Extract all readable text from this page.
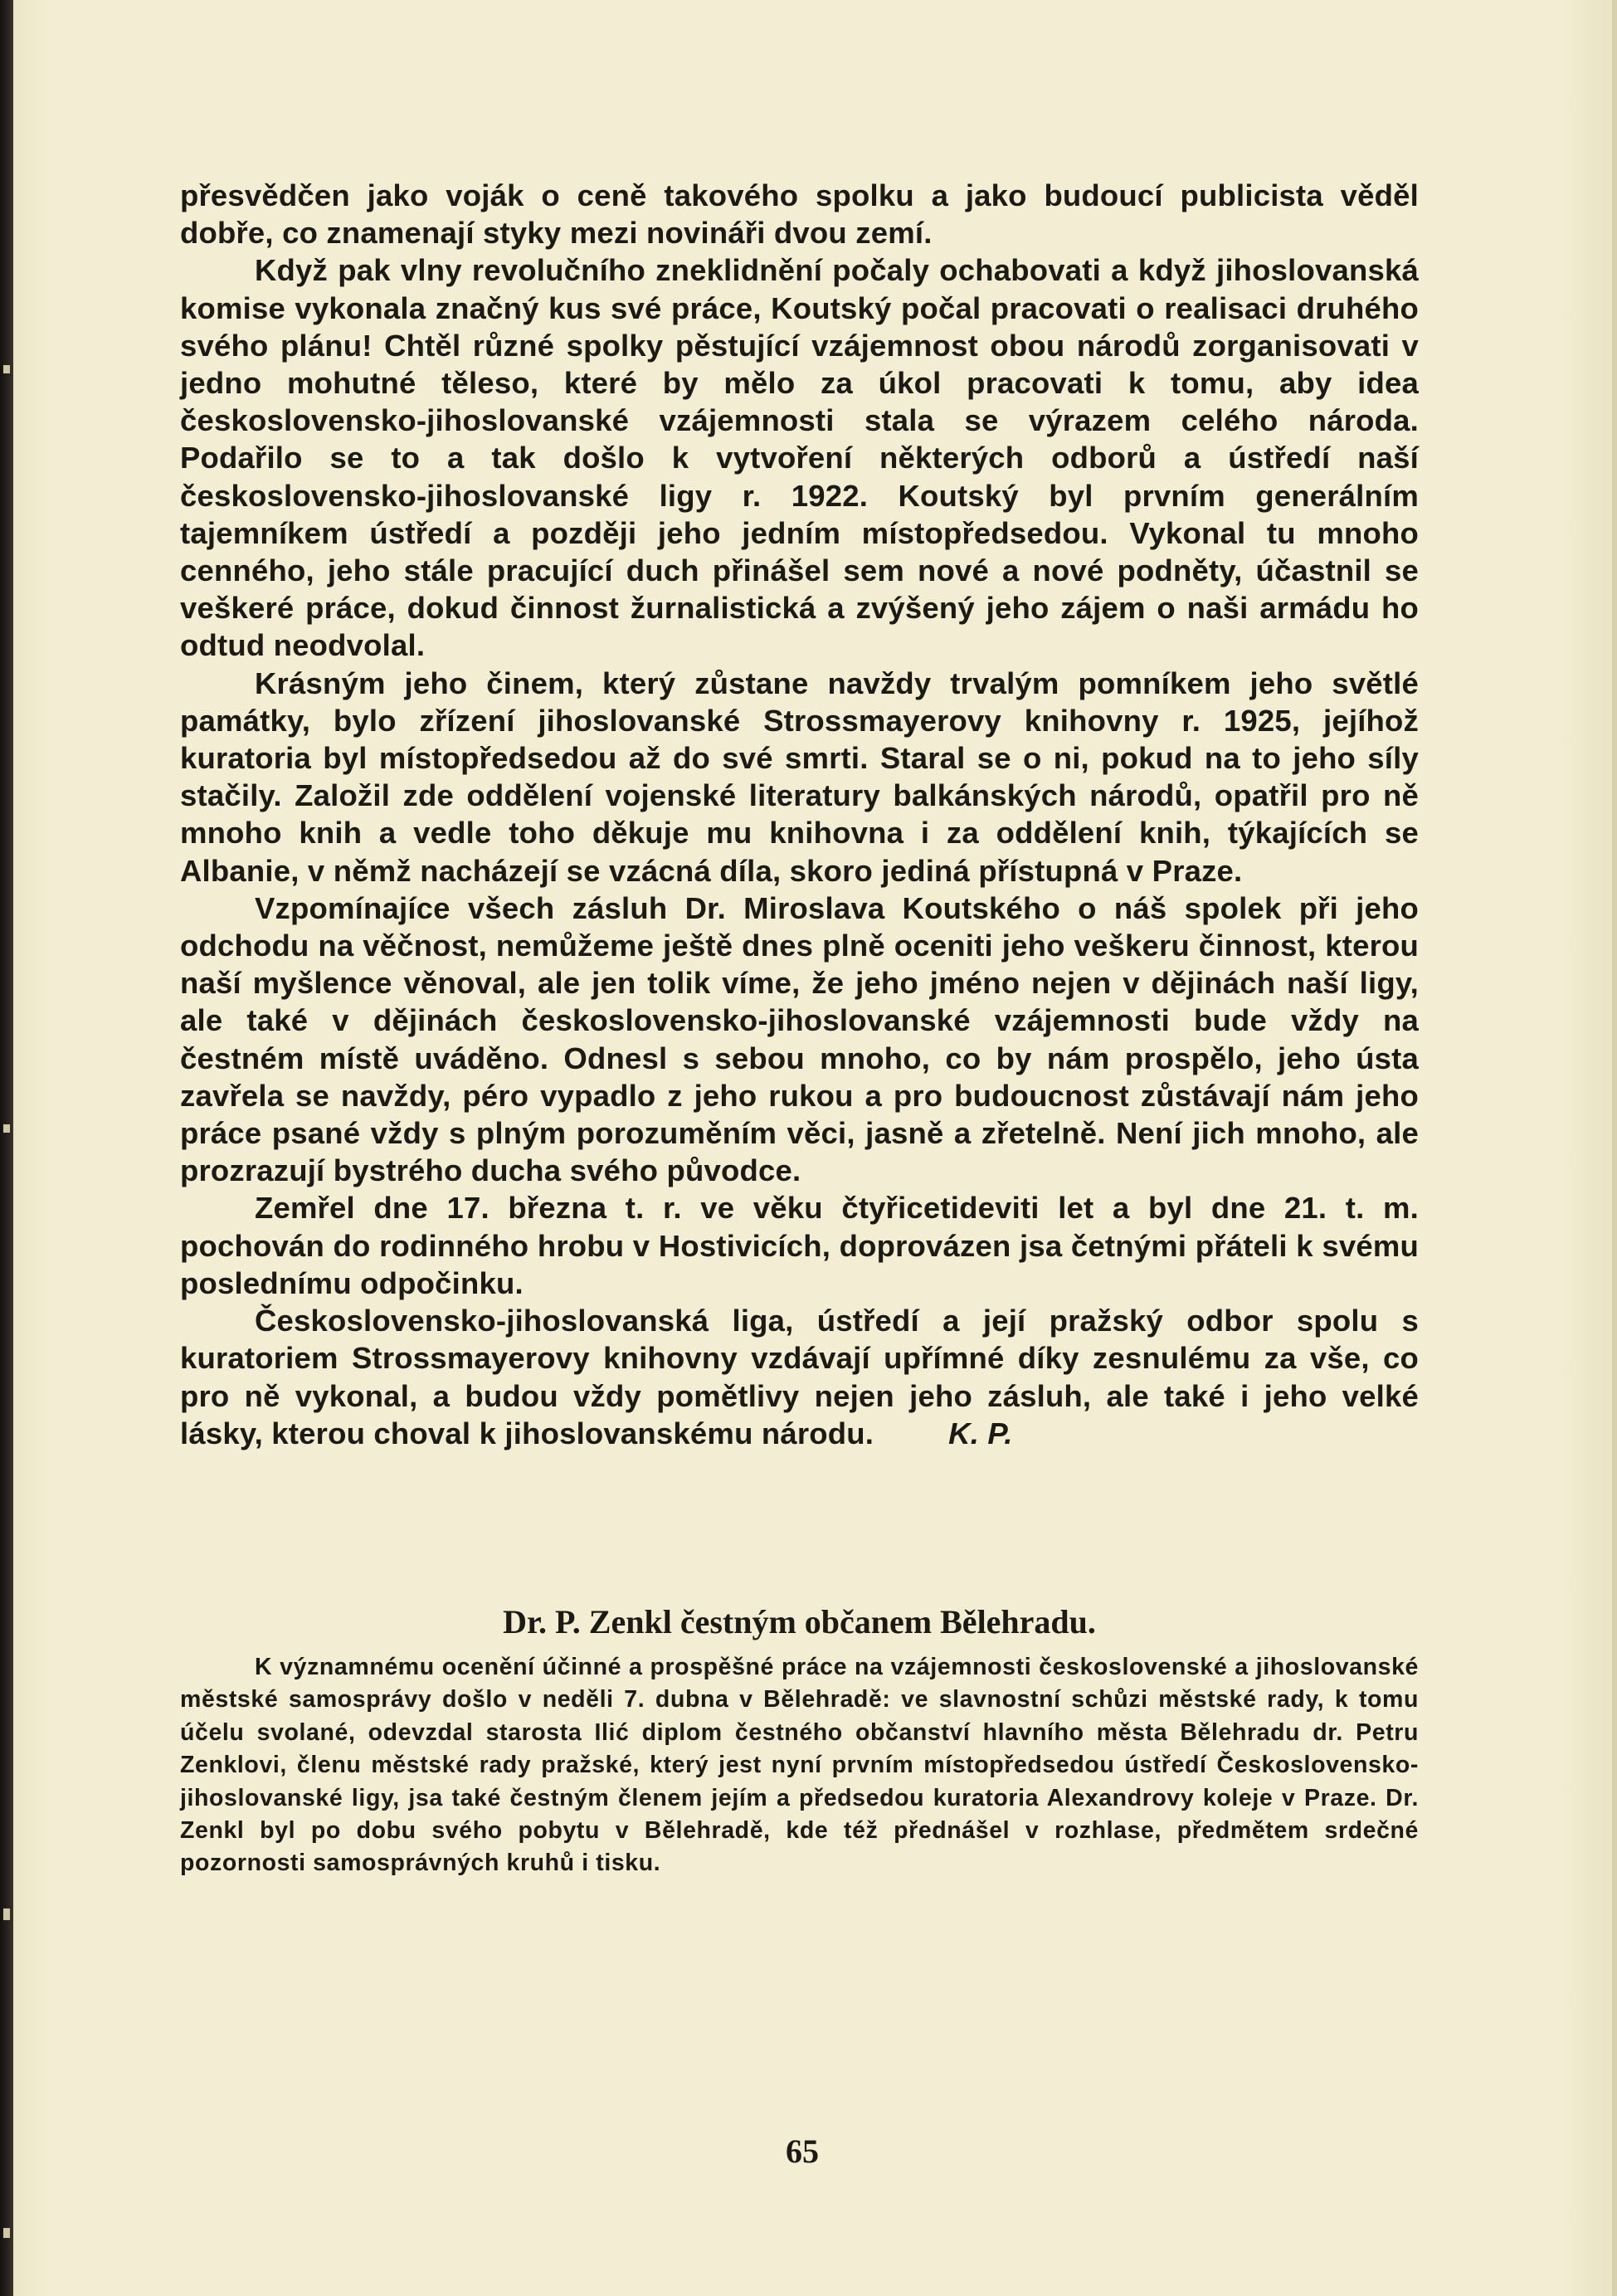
přesvědčen jako voják o ceně takového spolku a jako budoucí publicista věděl dobře, co znamenají styky mezi novináři dvou zemí.

Když pak vlny revolučního zneklidnění počaly ochabovati a když jihoslovanská komise vykonala značný kus své práce, Koutský počal pracovati o realisaci druhého svého plánu! Chtěl různé spolky pěstující vzájemnost obou národů zorganisovati v jedno mohutné těleso, které by mělo za úkol pracovati k tomu, aby idea československo-jihoslovanské vzájemnosti stala se výrazem celého národa. Podařilo se to a tak došlo k vytvoření některých odborů a ústředí naší československo-jihoslovanské ligy r. 1922. Koutský byl prvním generálním tajemníkem ústředí a později jeho jedním místopředsedou. Vykonal tu mnoho cenného, jeho stále pracující duch přinášel sem nové a nové podněty, účastnil se veškeré práce, dokud činnost žurnalistická a zvýšený jeho zájem o naši armádu ho odtud neodvolal.

Krásným jeho činem, který zůstane navždy trvalým pomníkem jeho světlé památky, bylo zřízení jihoslovanské Strossmayerovy knihovny r. 1925, jejíhož kuratoria byl místopředsedou až do své smrti. Staral se o ni, pokud na to jeho síly stačily. Založil zde oddělení vojenské literatury balkánských národů, opatřil pro ně mnoho knih a vedle toho děkuje mu knihovna i za oddělení knih, týkajících se Albanie, v němž nacházejí se vzácná díla, skoro jediná přístupná v Praze.

Vzpomínajíce všech zásluh Dr. Miroslava Koutského o náš spolek při jeho odchodu na věčnost, nemůžeme ještě dnes plně oceniti jeho veškeru činnost, kterou naší myšlence věnoval, ale jen tolik víme, že jeho jméno nejen v dějinách naší ligy, ale také v dějinách československo-jihoslovanské vzájemnosti bude vždy na čestném místě uváděno. Odnesl s sebou mnoho, co by nám prospělo, jeho ústa zavřela se navždy, péro vypadlo z jeho rukou a pro budoucnost zůstávají nám jeho práce psané vždy s plným porozuměním věci, jasně a zřetelně. Není jich mnoho, ale prozrazují bystrého ducha svého původce.

Zemřel dne 17. března t. r. ve věku čtyřicetideviti let a byl dne 21. t. m. pochován do rodinného hrobu v Hostivicích, doprovázen jsa četnými přáteli k svému poslednímu odpočinku.

Československo-jihoslovanská liga, ústředí a její pražský odbor spolu s kuratoriem Strossmayerovy knihovny vzdávají upřímné díky zesnulému za vše, co pro ně vykonal, a budou vždy pomětlivy nejen jeho zásluh, ale také i jeho velké lásky, kterou choval k jihoslovanskému národu. K. P.

Dr. P. Zenkl čestným občanem Bělehradu.

K významnému ocenění účinné a prospěšné práce na vzájemnosti československé a jihoslovanské městské samosprávy došlo v neděli 7. dubna v Bělehradě: ve slavnostní schůzi městské rady, k tomu účelu svolané, odevzdal starosta Ilić diplom čestného občanství hlavního města Bělehradu dr. Petru Zenklovi, členu městské rady pražské, který jest nyní prvním místopředsedou ústředí Československo-jihoslovanské ligy, jsa také čestným členem jejím a předsedou kuratoria Alexandrovy koleje v Praze. Dr. Zenkl byl po dobu svého pobytu v Bělehradě, kde též přednášel v rozhlase, předmětem srdečné pozornosti samosprávných kruhů i tisku.

65
